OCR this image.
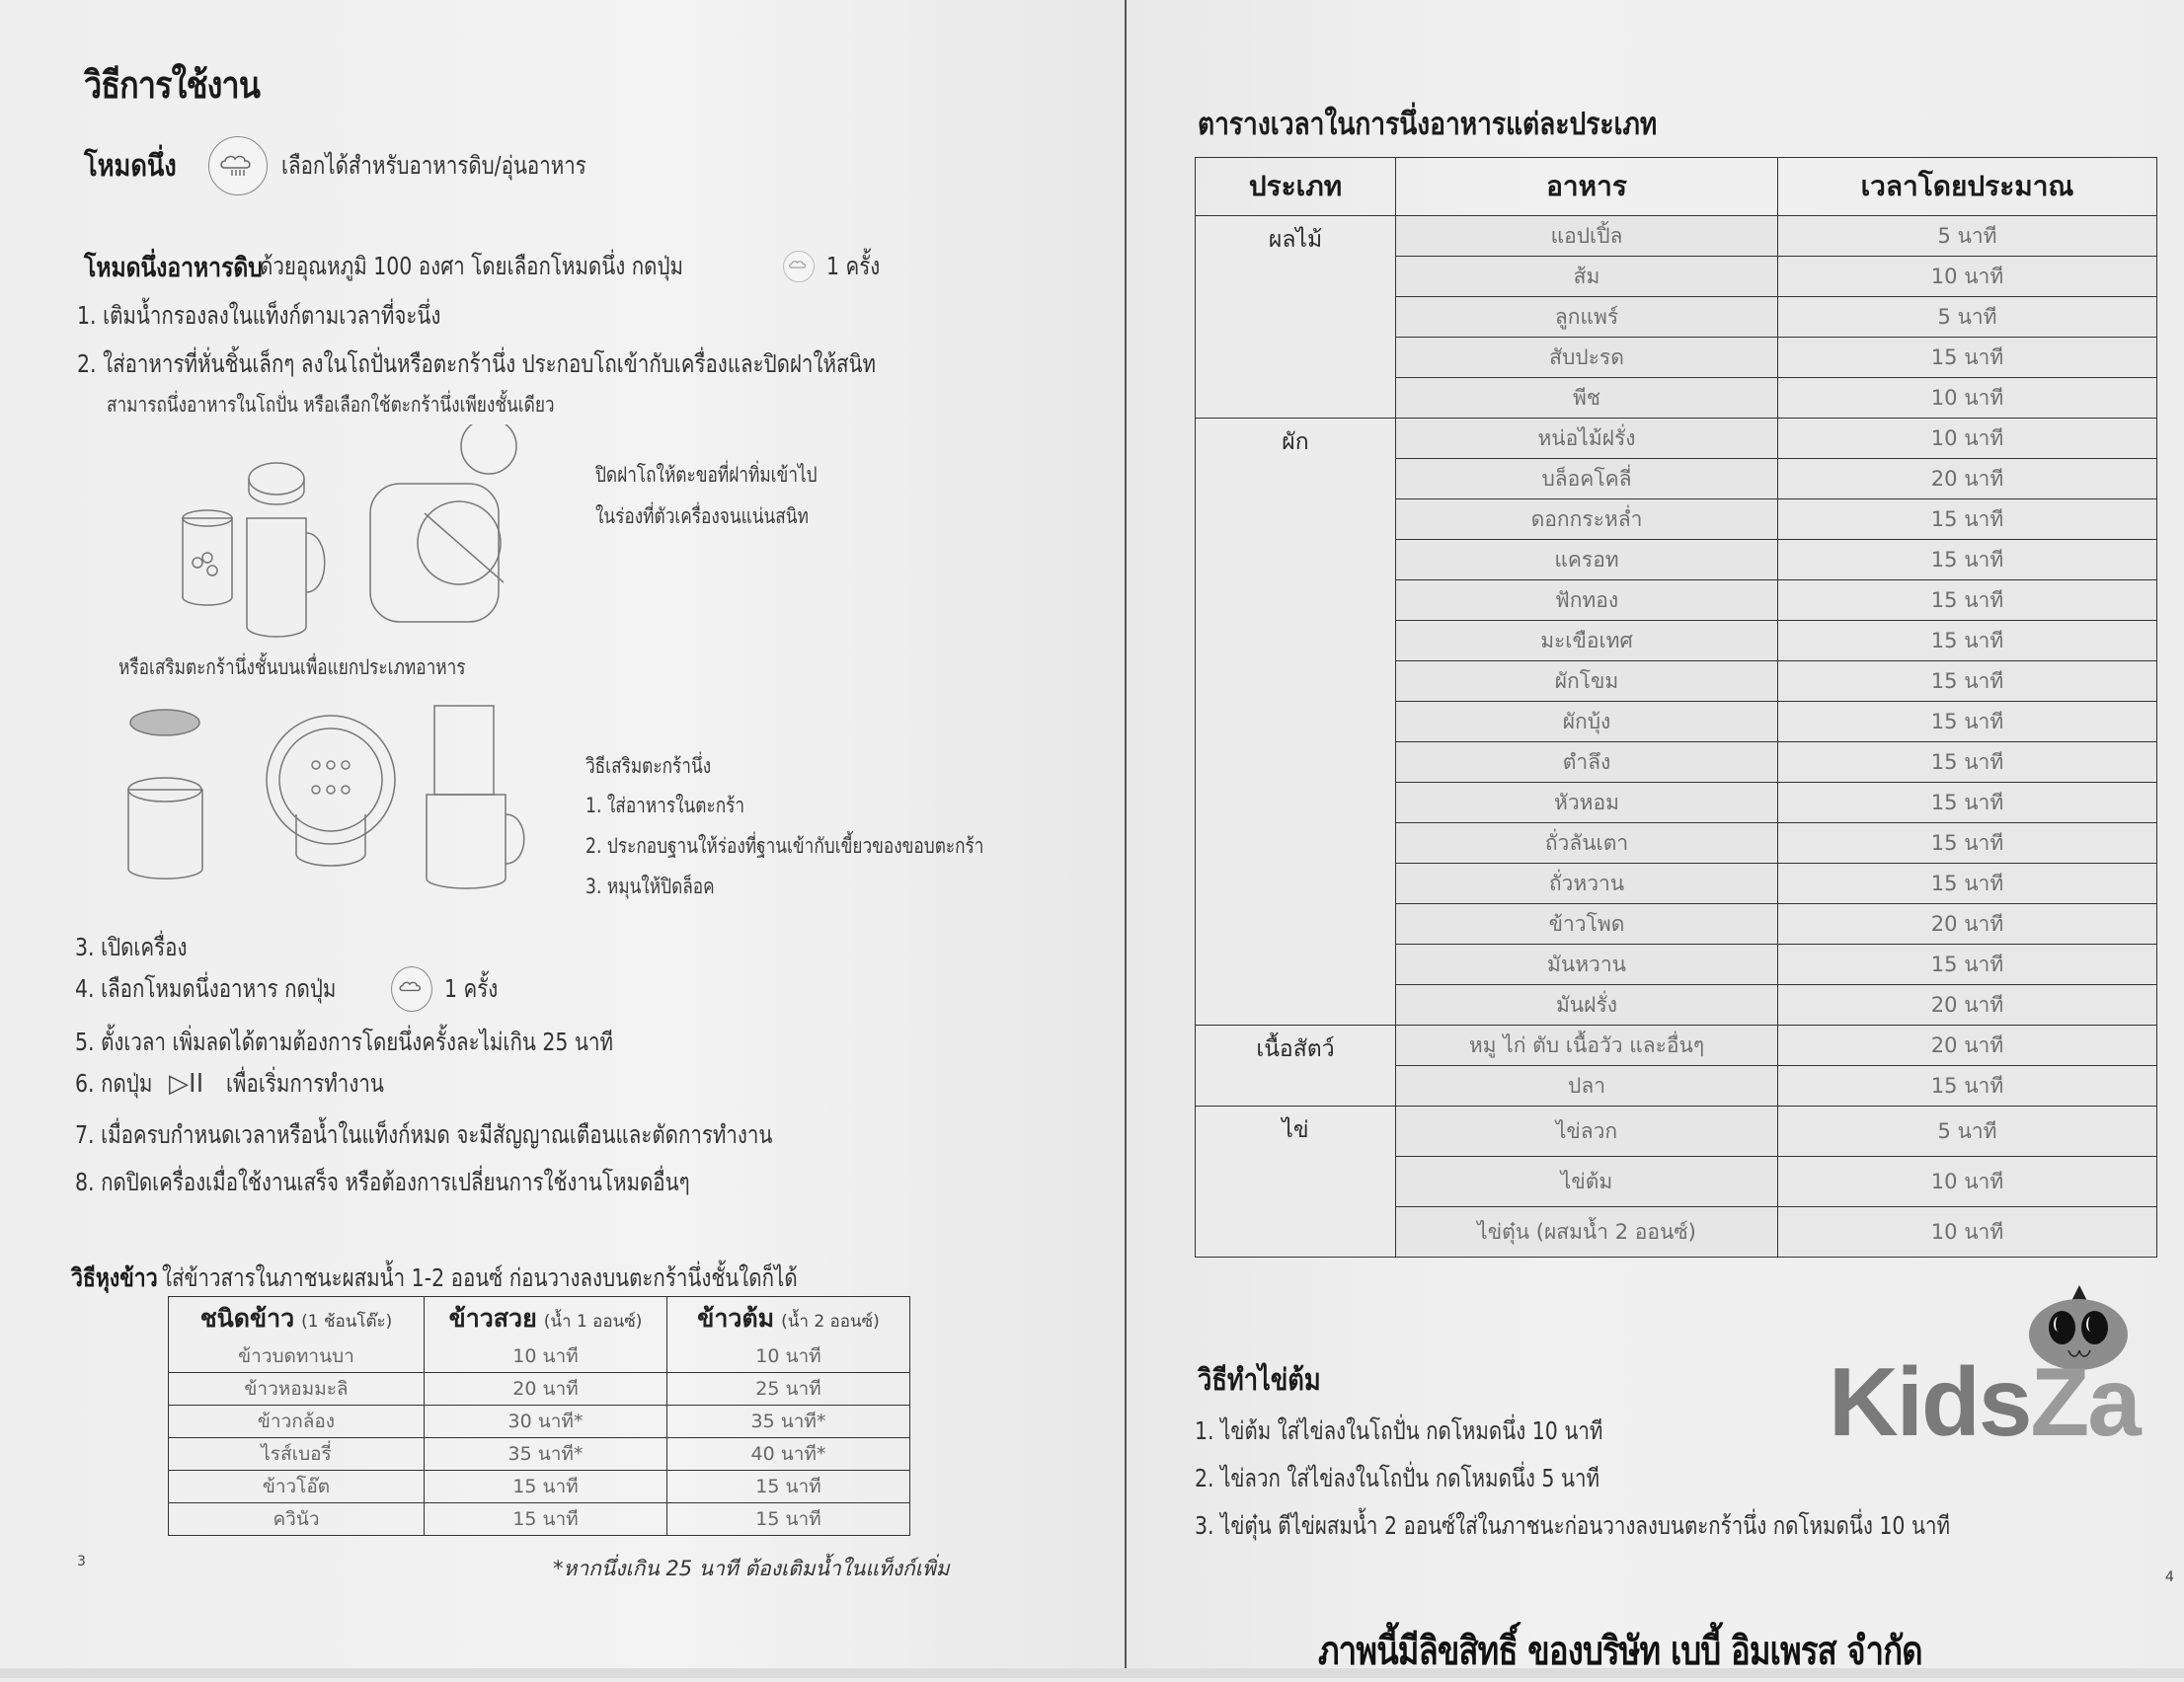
วิธีการใช้งาน
โหมดนึ่ง	เลือกได้สำหรับอาหารดิบ/อุ่นอาหาร
โหมดนึ่งอาหารดิบ
ด้วยอุณหภูมิ 100 องศา โดยเลือกโหมดนึ่ง กดปุ่ม	1 ครั้ง
1. เติมน้ำกรองลงในแท็งก์ตามเวลาที่จะนึ่ง
2. ใส่อาหารที่หั่นชิ้นเล็กๆ ลงในโถปั่นหรือตะกร้านึ่ง ประกอบโถเข้ากับเครื่องและปิดฝาให้สนิท
สามารถนึ่งอาหารในโถปั่น หรือเลือกใช้ตะกร้านึ่งเพียงชั้นเดียว
ปิดฝาโถให้ตะขอที่ฝาทิ่มเข้าไป
ในร่องที่ตัวเครื่องจนแน่นสนิท
หรือเสริมตะกร้านึ่งชั้นบนเพื่อแยกประเภทอาหาร
วิธีเสริมตะกร้านึ่ง
1. ใส่อาหารในตะกร้า
2. ประกอบฐานให้ร่องที่ฐานเข้ากับเขี้ยวของขอบตะกร้า
3. หมุนให้ปิดล็อค
3. เปิดเครื่อง
4. เลือกโหมดนึ่งอาหาร กดปุ่ม	1 ครั้ง
5. ตั้งเวลา เพิ่มลดได้ตามต้องการโดยนึ่งครั้งละไม่เกิน 25 นาที
6. กดปุ่ม ▷II เพื่อเริ่มการทำงาน
7. เมื่อครบกำหนดเวลาหรือน้ำในแท็งก์หมด จะมีสัญญาณเตือนและตัดการทำงาน
8. กดปิดเครื่องเมื่อใช้งานเสร็จ หรือต้องการเปลี่ยนการใช้งานโหมดอื่นๆ
วิธีหุงข้าว ใส่ข้าวสารในภาชนะผสมน้ำ 1-2 ออนซ์ ก่อนวางลงบนตะกร้านึ่งชั้นใดก็ได้
ชนิดข้าว (1 ช้อนโต๊ะ)	ข้าวสวย (น้ำ 1 ออนซ์)	ข้าวต้ม (น้ำ 2 ออนซ์)
ข้าวบดทานบา	10 นาที	10 นาที
ข้าวหอมมะลิ	20 นาที	25 นาที
ข้าวกล้อง	30 นาที*	35 นาที*
ไรส์เบอรี่	35 นาที*	40 นาที*
ข้าวโอ๊ต	15 นาที	15 นาที
ควินัว	15 นาที	15 นาที
*หากนึ่งเกิน 25 นาที ต้องเติมน้ำในแท็งก์เพิ่ม
3
ตารางเวลาในการนึ่งอาหารแต่ละประเภท
ประเภท	อาหาร	เวลาโดยประมาณ
ผลไม้	แอปเปิ้ล	5 นาที
	ส้ม	10 นาที
	ลูกแพร์	5 นาที
	สับปะรด	15 นาที
	พีช	10 นาที
ผัก	หน่อไม้ฝรั่ง	10 นาที
	บล็อคโคลี่	20 นาที
	ดอกกระหล่ำ	15 นาที
	แครอท	15 นาที
	ฟักทอง	15 นาที
	มะเขือเทศ	15 นาที
	ผักโขม	15 นาที
	ผักบุ้ง	15 นาที
	ตำลึง	15 นาที
	หัวหอม	15 นาที
	ถั่วลันเตา	15 นาที
	ถั่วหวาน	15 นาที
	ข้าวโพด	20 นาที
	มันหวาน	15 นาที
	มันฝรั่ง	20 นาที
เนื้อสัตว์	หมู ไก่ ตับ เนื้อวัว และอื่นๆ	20 นาที
	ปลา	15 นาที
ไข่	ไข่ลวก	5 นาที
	ไข่ต้ม	10 นาที
	ไข่ตุ๋น (ผสมน้ำ 2 ออนซ์)	10 นาที
วิธีทำไข่ต้ม
1. ไข่ต้ม ใส่ไข่ลงในโถปั่น กดโหมดนึ่ง 10 นาที
2. ไข่ลวก ใส่ไข่ลงในโถปั่น กดโหมดนึ่ง 5 นาที
3. ไข่ตุ๋น ตีไข่ผสมน้ำ 2 ออนซ์ใส่ในภาชนะก่อนวางลงบนตะกร้านึ่ง กดโหมดนึ่ง 10 นาที
KidsZa
4
ภาพนี้มีลิขสิทธิ์ ของบริษัท เบบี้ อิมเพรส จำกัด
